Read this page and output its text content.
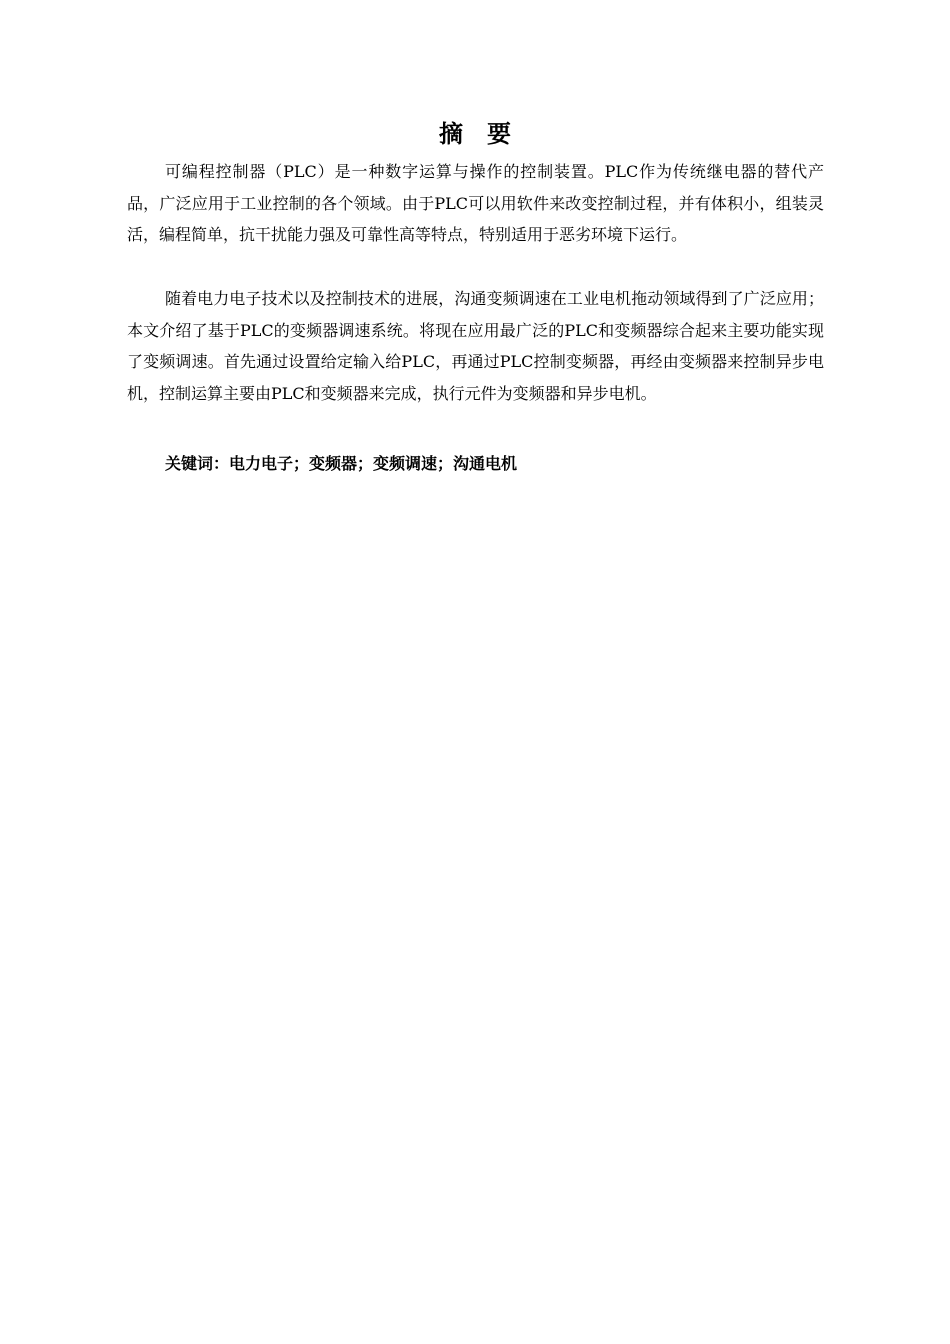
摘要

可编程控制器（PLC）是一种数字运算与操作的控制装置。PLC作为传统继电器的替代产品，广泛应用于工业控制的各个领域。由于PLC可以用软件来改变控制过程，并有体积小，组装灵活，编程简单，抗干扰能力强及可靠性高等特点，特别适用于恶劣环境下运行。

随着电力电子技术以及控制技术的进展，沟通变频调速在工业电机拖动领域得到了广泛应用；本文介绍了基于PLC的变频器调速系统。将现在应用最广泛的PLC和变频器综合起来主要功能实现了变频调速。首先通过设置给定输入给PLC，再通过PLC控制变频器，再经由变频器来控制异步电机，控制运算主要由PLC和变频器来完成，执行元件为变频器和异步电机。

关键词：电力电子；变频器；变频调速；沟通电机
